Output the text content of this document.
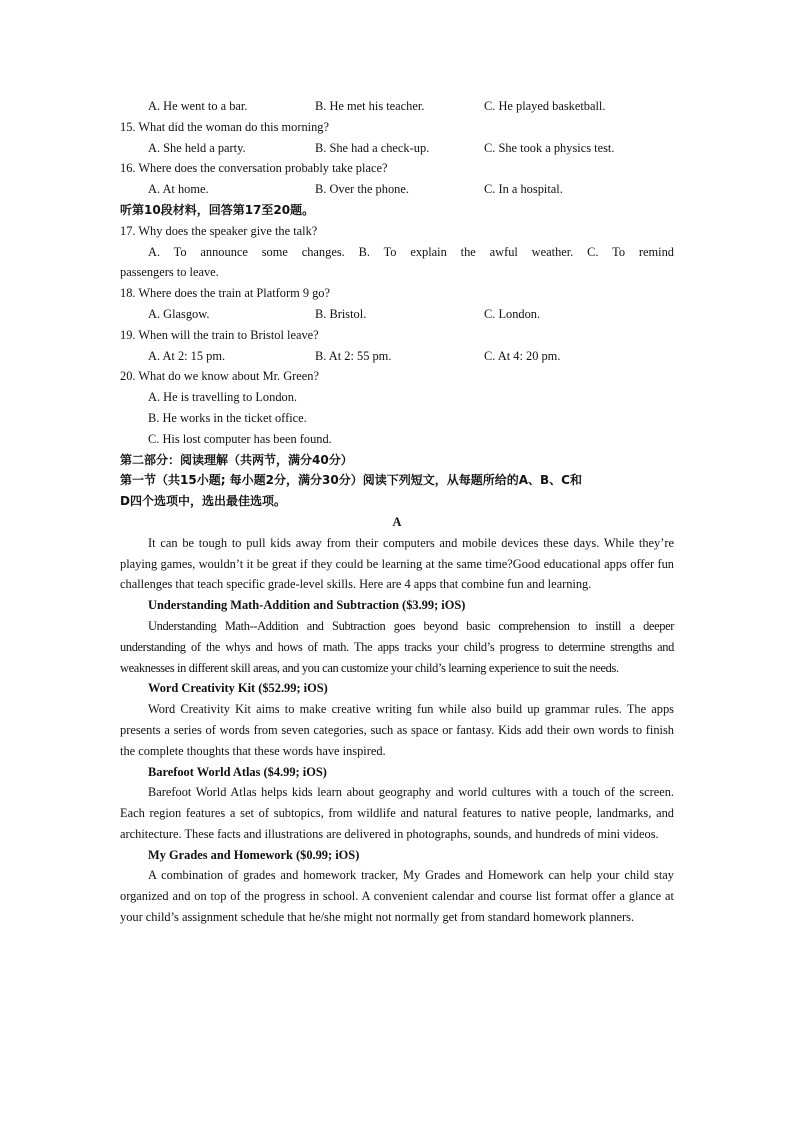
A. He went to a bar.	B. He met his teacher.	C. He played basketball.
15. What did the woman do this morning?
A. She held a party.	B. She had a check-up.	C. She took a physics test.
16. Where does the conversation probably take place?
A. At home.	B. Over the phone.	C. In a hospital.
听第10段材料，回答第17至20题。
17. Why does the speaker give the talk?
A. To announce some changes. B. To explain the awful weather. C. To remind
passengers to leave.
18. Where does the train at Platform 9 go?
A. Glasgow.	B. Bristol.	C. London.
19. When will the train to Bristol leave?
A. At 2: 15 pm.	B. At 2: 55 pm.	C. At 4: 20 pm.
20. What do we know about Mr. Green?
A. He is travelling to London.
B. He works in the ticket office.
C. His lost computer has been found.
第二部分：阅读理解（共两节，满分40分）
第一节（共15小题; 每小题2分，满分30分）阅读下列短文，从每题所给的A、B、C和
D四个选项中，选出最佳选项。
A

It can be tough to pull kids away from their computers and mobile devices these days. While they’re playing games, wouldn’t it be great if they could be learning at the same time?Good educational apps offer fun challenges that teach specific grade-level skills. Here are 4 apps that combine fun and learning.

Understanding Math-Addition and Subtraction ($3.99; iOS)

Understanding Math--Addition and Subtraction goes beyond basic comprehension to instill a deeper understanding of the whys and hows of math. The apps tracks your child’s progress to determine strengths and weaknesses in different skill areas, and you can customize your child’s learning experience to suit the needs.

Word Creativity Kit ($52.99; iOS)

Word Creativity Kit aims to make creative writing fun while also build up grammar rules. The apps presents a series of words from seven categories, such as space or fantasy. Kids add their own words to finish the complete thoughts that these words have inspired.

Barefoot World Atlas ($4.99; iOS)

Barefoot World Atlas helps kids learn about geography and world cultures with a touch of the screen. Each region features a set of subtopics, from wildlife and natural features to native people, landmarks, and architecture. These facts and illustrations are delivered in photographs, sounds, and hundreds of mini videos.

My Grades and Homework ($0.99; iOS)

A combination of grades and homework tracker, My Grades and Homework can help your child stay organized and on top of the progress in school. A convenient calendar and course list format offer a glance at your child’s assignment schedule that he/she might not normally get from standard homework planners.
